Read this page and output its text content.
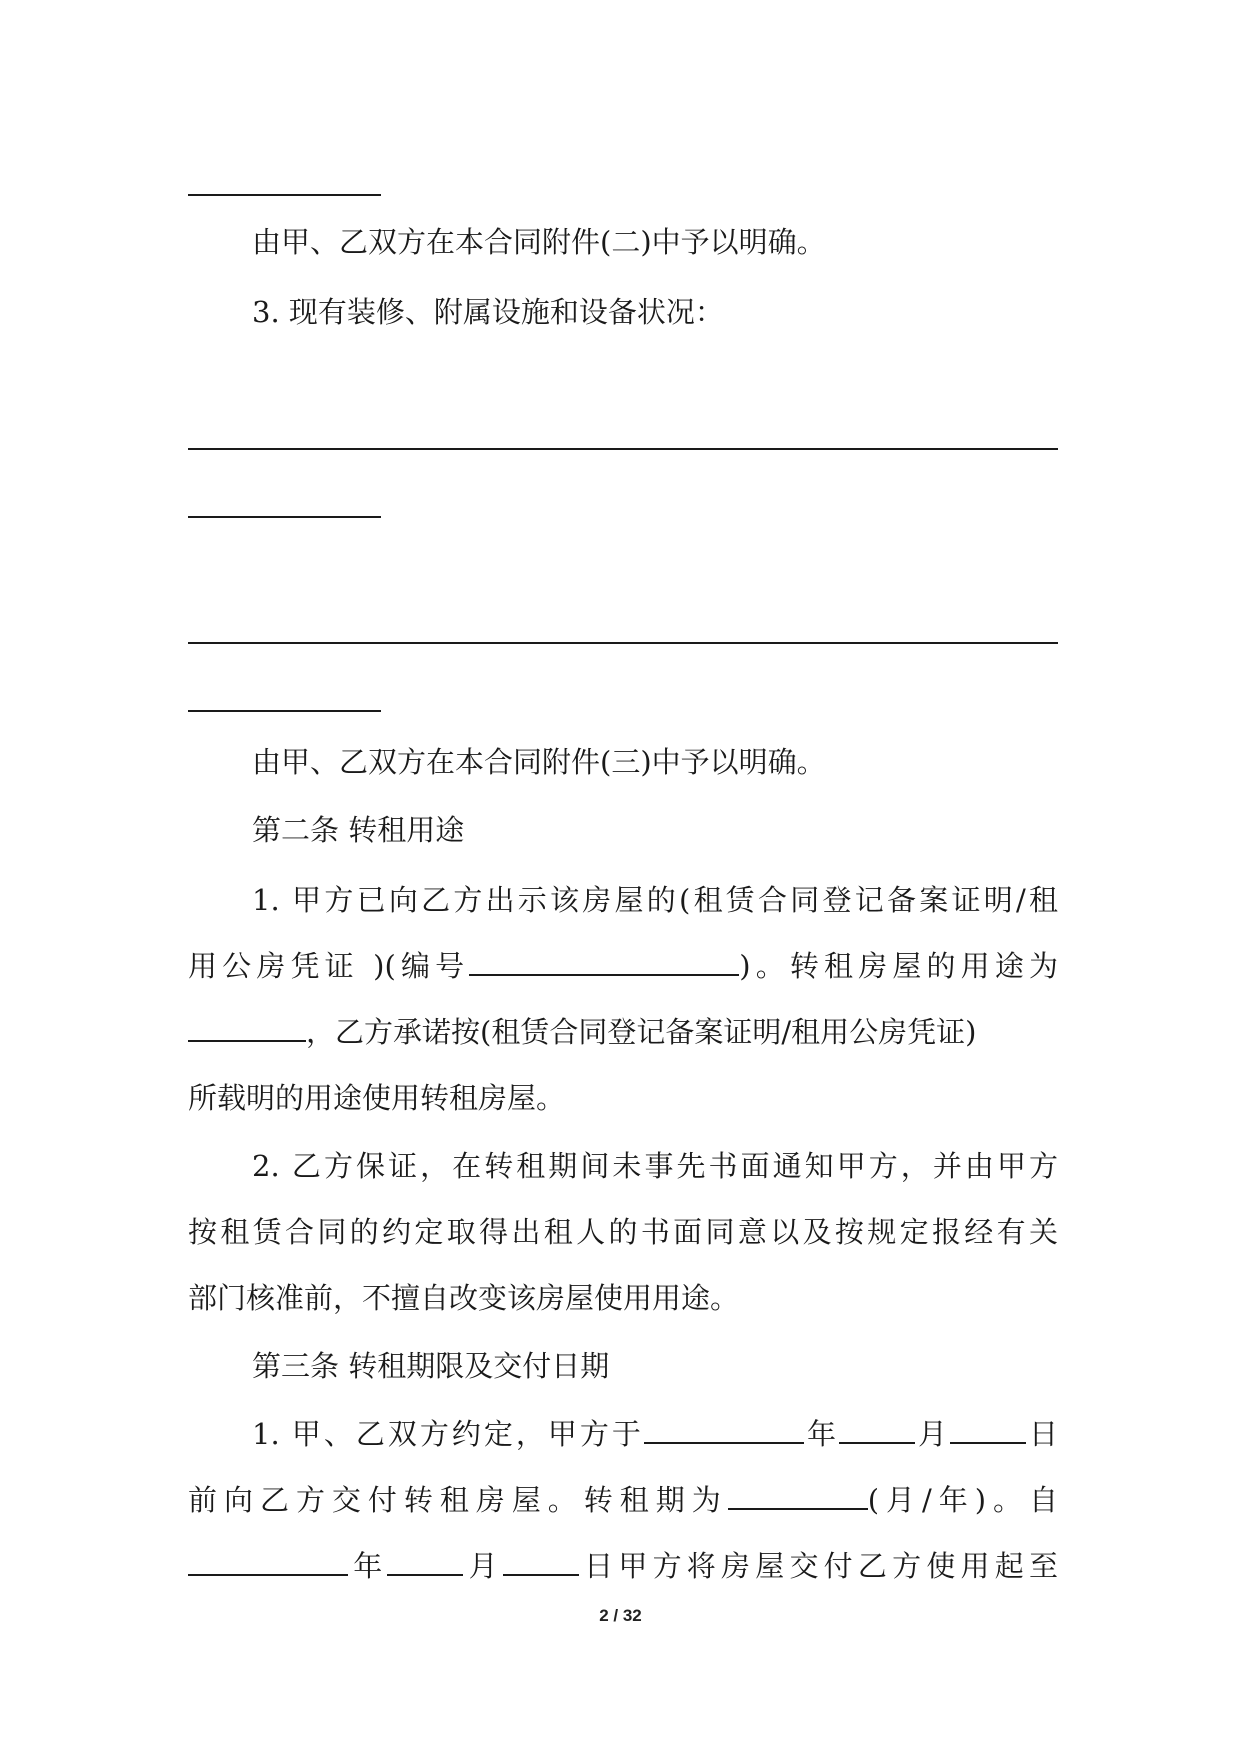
由甲、乙双方在本合同附件(二)中予以明确。
3. 现有装修、附属设施和设备状况：
由甲、乙双方在本合同附件(三)中予以明确。
第二条 转租用途
1. 甲方已向乙方出示该房屋的(租赁合同登记备案证明/租
用公房凭证 )(编号	)。转租房屋的用途为
，乙方承诺按(租赁合同登记备案证明/租用公房凭证)
所载明的用途使用转租房屋。
2. 乙方保证，在转租期间未事先书面通知甲方，并由甲方
按租赁合同的约定取得出租人的书面同意以及按规定报经有关
部门核准前，不擅自改变该房屋使用用途。
第三条 转租期限及交付日期
1. 甲、乙双方约定，甲方于	年	月	日
前向乙方交付转租房屋。转租期为	(月/年)。自
年	月	日甲方将房屋交付乙方使用起至
2 / 32
